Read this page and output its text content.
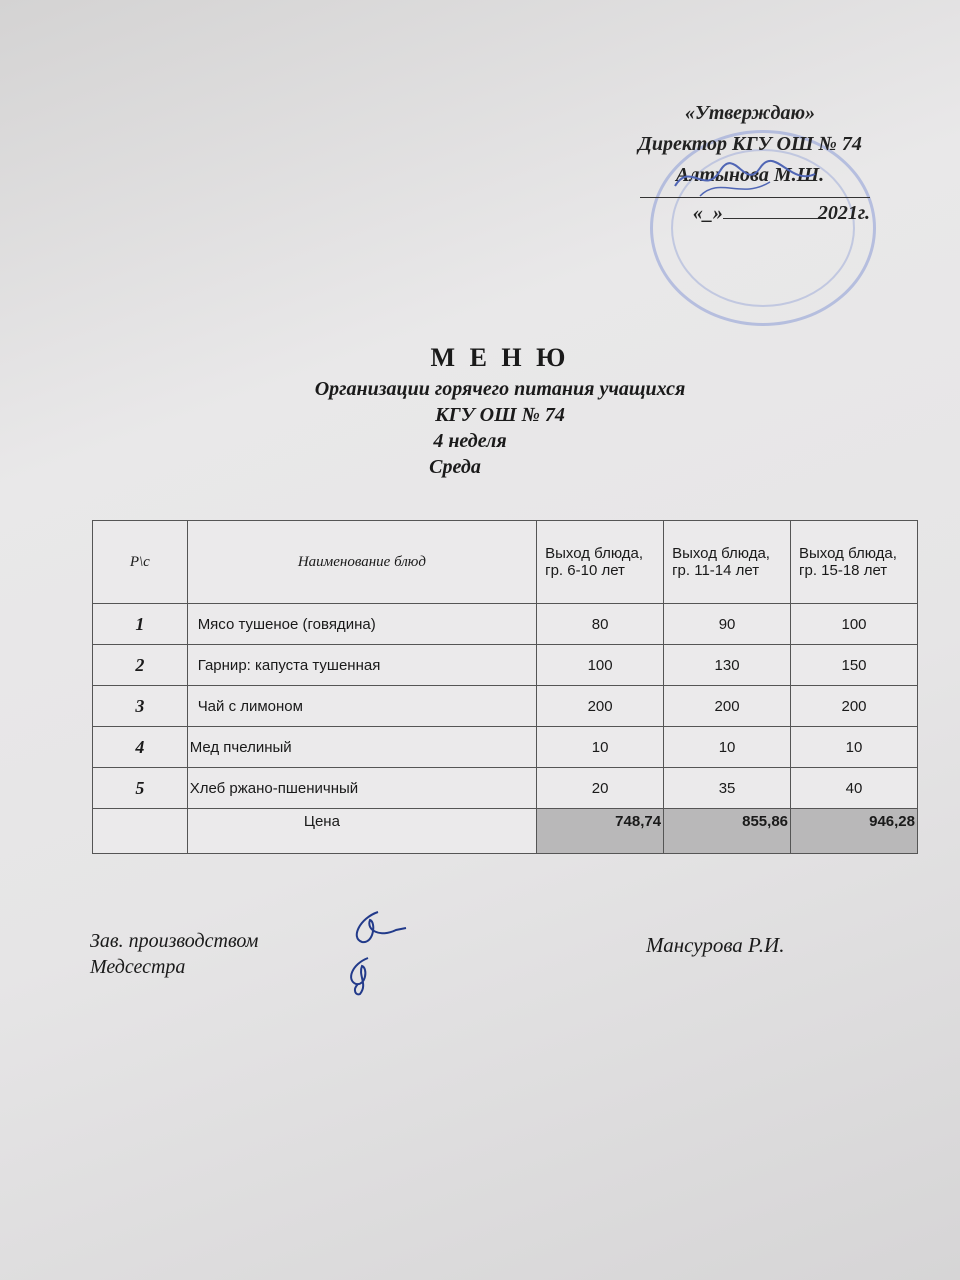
«Утверждаю»
Директор КГУ ОШ № 74
Алтынова М.Ш.
«_»	2021г.
М Е Н Ю
Организации горячего питания учащихся
КГУ ОШ № 74
4 неделя
Среда
Р\с	Наименование блюд	Выход блюда, гр. 6-10 лет	Выход блюда, гр. 11-14 лет	Выход блюда, гр. 15-18 лет
1	Мясо тушеное (говядина)	80	90	100
2	Гарнир: капуста тушенная	100	130	150
3	Чай с лимоном	200	200	200
4	Мед пчелиный	10	10	10
5	Хлеб ржано-пшеничный	20	35	40
	Цена	748,74	855,86	946,28
Зав. производством
Медсестра
Мансурова Р.И.
